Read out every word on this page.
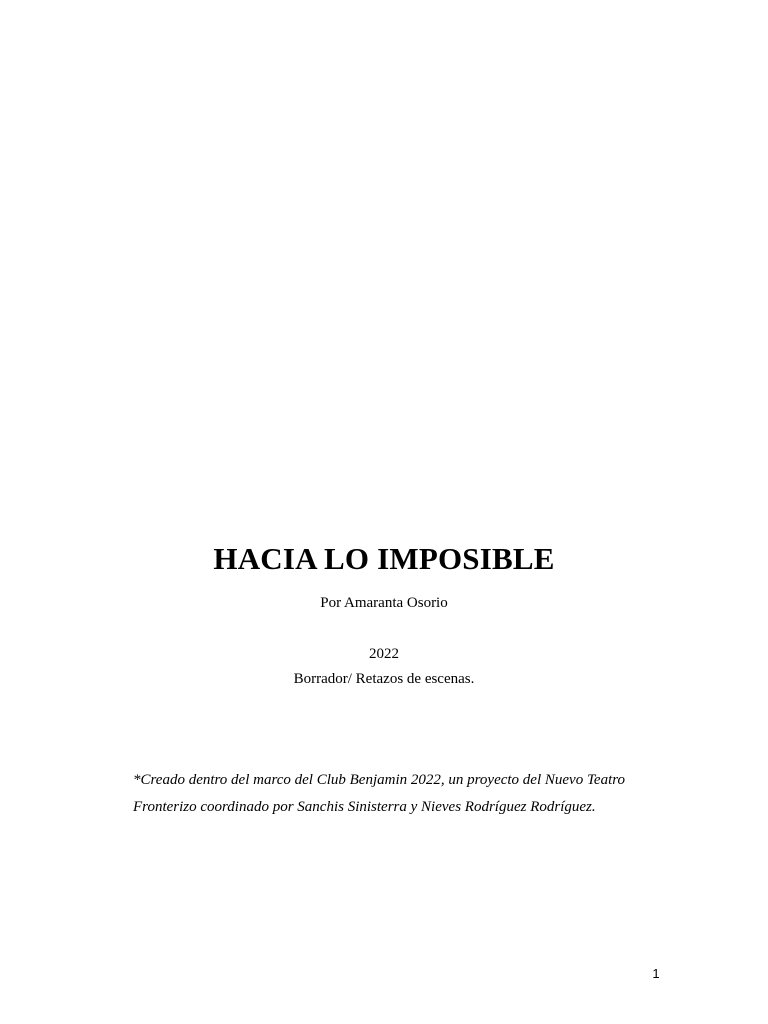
HACIA LO IMPOSIBLE
Por Amaranta Osorio
2022
Borrador/ Retazos de escenas.
*Creado dentro del marco del Club Benjamin 2022, un proyecto del Nuevo Teatro
Fronterizo coordinado por Sanchis Sinisterra y Nieves Rodríguez Rodríguez.
1
